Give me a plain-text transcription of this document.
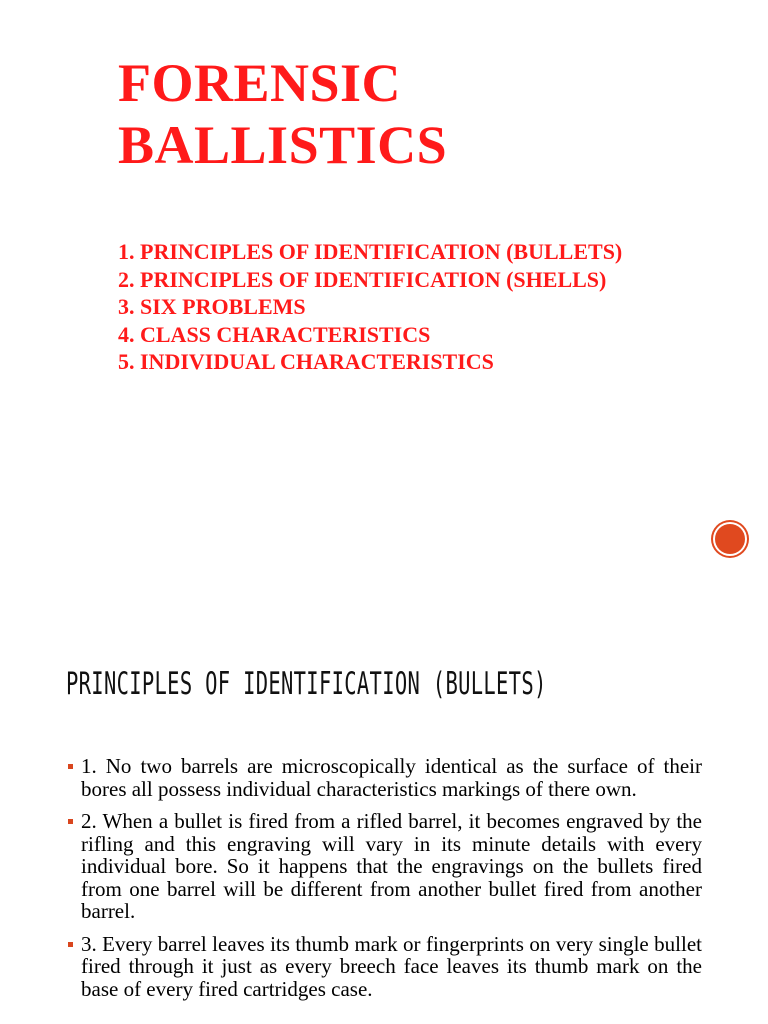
FORENSIC
BALLISTICS
1. PRINCIPLES OF IDENTIFICATION (BULLETS)
2. PRINCIPLES OF IDENTIFICATION (SHELLS)
3. SIX PROBLEMS
4. CLASS CHARACTERISTICS
5. INDIVIDUAL CHARACTERISTICS
PRINCIPLES OF IDENTIFICATION (BULLETS)
1. No two barrels are microscopically identical as the surface of their bores all possess individual characteristics markings of there own.
2. When a bullet is fired from a rifled barrel, it becomes engraved by the rifling and this engraving will vary in its minute details with every individual bore. So it happens that the engravings on the bullets fired from one barrel will be different from another bullet fired from another barrel.
3. Every barrel leaves its thumb mark or fingerprints on very single bullet fired through it just as every breech face leaves its thumb mark on the base of every fired cartridges case.
